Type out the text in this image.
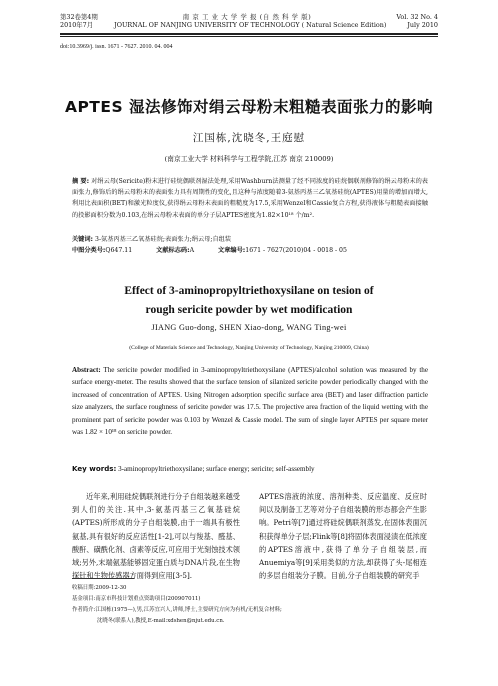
第32卷第4期	南 京 工 业 大 学 学 报 (自 然 科 学 版)	Vol. 32 No. 4
2010年7月	JOURNAL OF NANJING UNIVERSITY OF TECHNOLOGY ( Natural Science Edition)	July 2010
doi:10.3969/j. issn. 1671 - 7627. 2010. 04. 004
APTES 湿法修饰对绢云母粉末粗糙表面张力的影响
江国栋,沈晓冬,王庭慰
(南京工业大学 材料科学与工程学院,江苏 南京 210009)
摘 要: 对绢云母(Sericite)粉末进行硅烷偶联剂湿法处理,采用Washburn法测量了经不同浓度的硅烷偶联剂修饰的绢云母粉末的表面张力,修饰后的绢云母粉末的表面张力具有周期性的变化,且这种与浓度随着3-氨基丙基三乙氧基硅烷(APTES)用量的增加而增大,利用比表面积(BET)和激光粒度仪,获得绢云母粉末表面的粗糙度为17.5,采用Wenzel和Cassie复合方程,获得液体与粗糙表面接触的投影面积分数为0.103,在绢云母粉末表面的单分子层APTES密度为1.82×10¹⁸ 个/m².
关键词: 3-氨基丙基三乙氧基硅烷;表面张力;绢云母;自组装
中图分类号:Q647.11	文献标志码:A	文章编号:1671 - 7627(2010)04 - 0018 - 05
Effect of 3-aminopropyltriethoxysilane on tesion of
rough sericite powder by wet modification
JIANG Guo-dong, SHEN Xiao-dong, WANG Ting-wei
(College of Materials Science and Technology, Nanjing University of Technology, Nanjing 210009, China)
Abstract: The sericite powder modified in 3-aminopropyltriethoxysilane (APTES)/alcohol solution was measured by the surface energy-meter. The results showed that the surface tension of silanized sericite powder periodically changed with the increased of concentration of APTES. Using Nitrogen adsorption specific surface area (BET) and laser diffraction particle size analyzers, the surface roughness of sericite powder was 17.5. The projective area fraction of the liquid wetting with the prominent part of sericite powder was 0.103 by Wenzel & Cassie model. The sum of single layer APTES per square meter was 1.82 × 10¹⁸ on sericite powder.
Key words: 3-aminopropyltriethoxysilane; surface energy; sericite; self-assembly

近年来,利用硅烷偶联剂进行分子自组装越来越受到人们的关注.其中,3-氨基丙基三乙氧基硅烷(APTES)所形成的分子自组装膜,由于一端具有极性氨基,具有很好的反应活性[1-2],可以与羧基、醛基、酸酐、磺酰化剂、卤素等反应,可应用于光刻蚀技术领域;另外,末端氨基能够固定蛋白质与DNA片段,在生物探针和生物传感器方面得到应用[3-5].

APTES溶液的浓度、溶剂种类、反应温度、反应时间以及制备工艺等对分子自组装膜的形态都会产生影响。Petri等[7]通过将硅烷偶联剂蒸发,在固体表面沉积获得单分子层;Flink等[8]将固体表面浸渍在低浓度的APTES溶液中,获得了单分子自组装层,而Anuemiya等[9]采用类似的方法,却获得了头-尾相连的多层自组装分子膜。目前,分子自组装膜的研究手

收稿日期:2009-12-30
基金项目:南京市科技计划重点资助项目(200907011)
作者简介:江国栋(1975—),男,江苏宜兴人,讲师,博士,主要研究方向为有机/无机复合材料;
沈晓冬(联系人),教授,E-mail:xdshen@njut.edu.cn.
